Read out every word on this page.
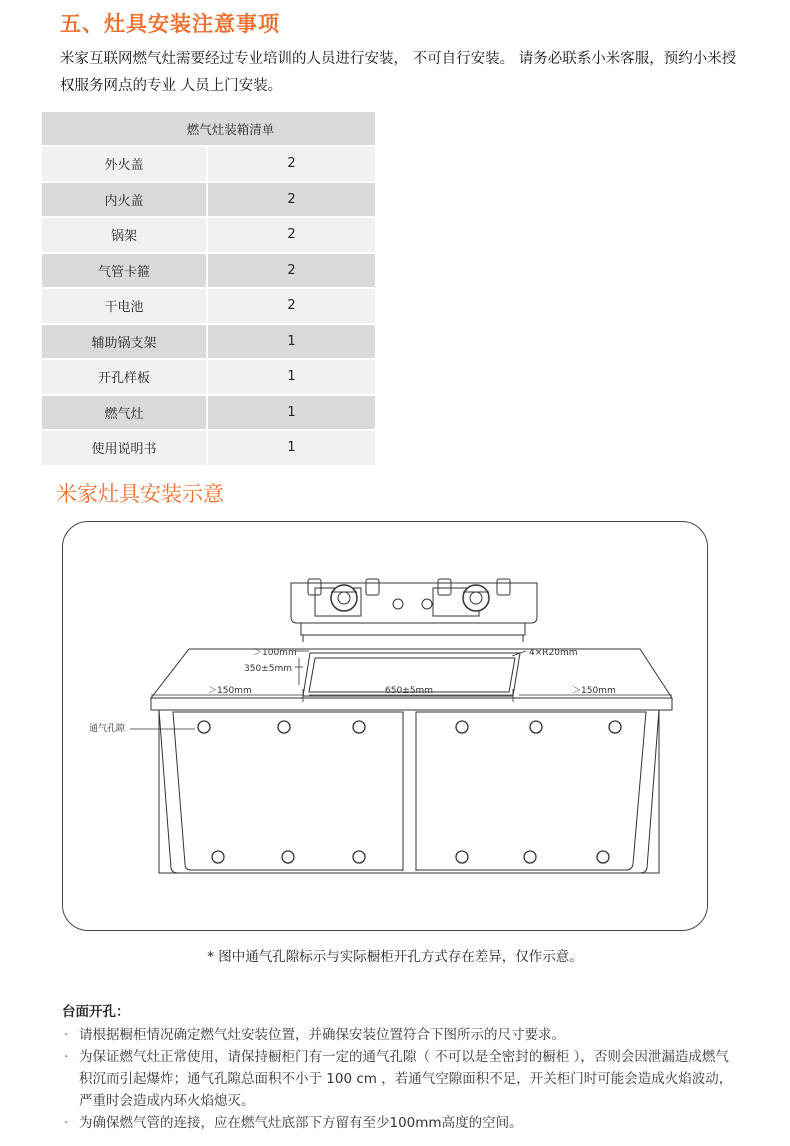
五、灶具安装注意事项
米家互联网燃气灶需要经过专业培训的人员进行安装， 不可自行安装。 请务必联系小米客服，预约小米授权服务网点的专业 人员上门安装。
燃气灶装箱清单	
外火盖	2
内火盖	2
锅架	2
气管卡箍	2
干电池	2
辅助锅支架	1
开孔样板	1
燃气灶	1
使用说明书	1
米家灶具安装示意
＞100mm
350±5mm
4×R20mm
＞150mm	650±5mm	＞150mm
通气孔隙
* 图中通气孔隙标示与实际橱柜开孔方式存在差异，仅作示意。
台面开孔：
· 请根据橱柜情况确定燃气灶安装位置，并确保安装位置符合下图所示的尺寸要求。
· 为保证燃气灶正常使用，请保持橱柜门有一定的通气孔隙（ 不可以是全密封的橱柜 ），否则会因泄漏造成燃气积沉而引起爆炸；通气孔隙总面积不小于 100 cm ，若通气空隙面积不足，开关柜门时可能会造成火焰波动，严重时会造成内环火焰熄灭。
· 为确保燃气管的连接，应在燃气灶底部下方留有至少100mm高度的空间。
